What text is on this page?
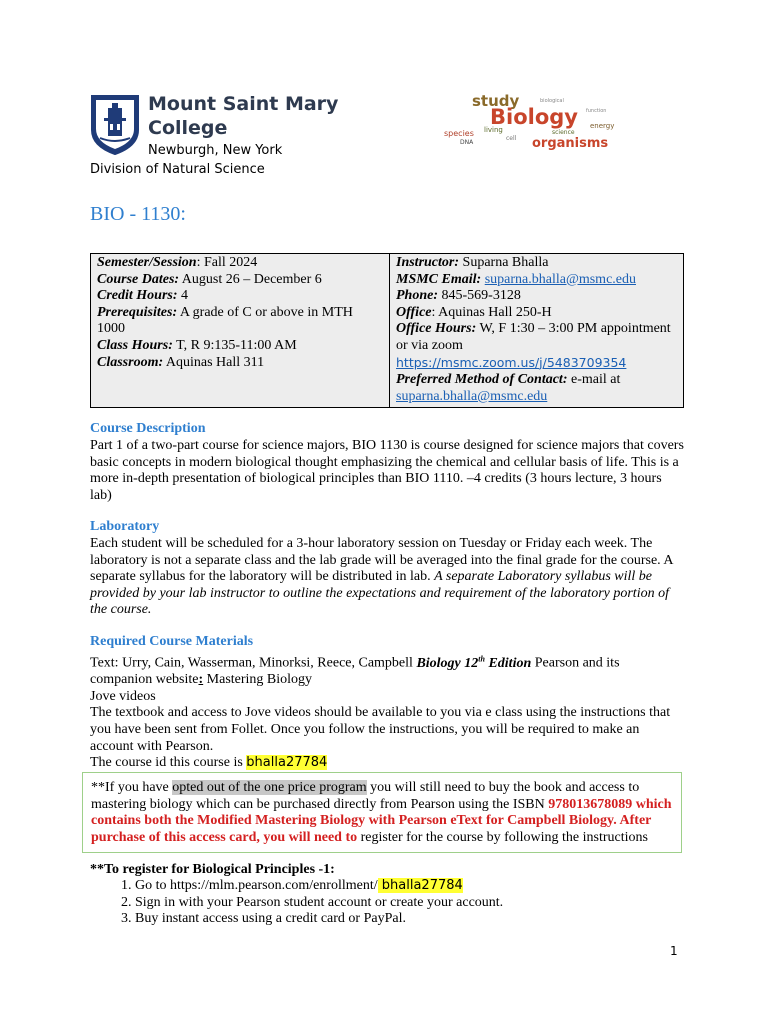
Mount Saint Mary College
Newburgh, New York
Division of Natural Science
study
Biology
organisms
living
species
DNA
cell
energy
science
biological
function
BIO - 1130:
Semester/Session: Fall 2024
Course Dates: August 26 – December 6
Credit Hours: 4
Prerequisites: A grade of C or above in MTH 1000
Class Hours: T, R 9:135-11:00 AM
Classroom: Aquinas Hall 311

Instructor: Suparna Bhalla
MSMC Email: suparna.bhalla@msmc.edu
Phone: 845-569-3128
Office: Aquinas Hall 250-H
Office Hours: W, F 1:30 – 3:00 PM appointment or via zoom
https://msmc.zoom.us/j/5483709354
Preferred Method of Contact: e-mail at
suparna.bhalla@msmc.edu
Course Description
Part 1 of a two-part course for science majors, BIO 1130 is course designed for science majors that covers basic concepts in modern biological thought emphasizing the chemical and cellular basis of life. This is a more in-depth presentation of biological principles than BIO 1110. –4 credits (3 hours lecture, 3 hours lab)
Laboratory
Each student will be scheduled for a 3-hour laboratory session on Tuesday or Friday each week. The laboratory is not a separate class and the lab grade will be averaged into the final grade for the course. A separate syllabus for the laboratory will be distributed in lab. A separate Laboratory syllabus will be provided by your lab instructor to outline the expectations and requirement of the laboratory portion of the course.
Required Course Materials
Text: Urry, Cain, Wasserman, Minorksi, Reece, Campbell Biology 12th Edition Pearson and its companion website: Mastering Biology
Jove videos
The textbook and access to Jove videos should be available to you via e class using the instructions that you have been sent from Follet. Once you follow the instructions, you will be required to make an account with Pearson.
The course id this course is bhalla27784
**If you have opted out of the one price program you will still need to buy the book and access to mastering biology which can be purchased directly from Pearson using the ISBN 978013678089 which contains both the Modified Mastering Biology with Pearson eText for Campbell Biology. After purchase of this access card, you will need to register for the course by following the instructions
**To register for Biological Principles -1:
1. Go to https://mlm.pearson.com/enrollment/ bhalla27784
2. Sign in with your Pearson student account or create your account.
3. Buy instant access using a credit card or PayPal.
1
